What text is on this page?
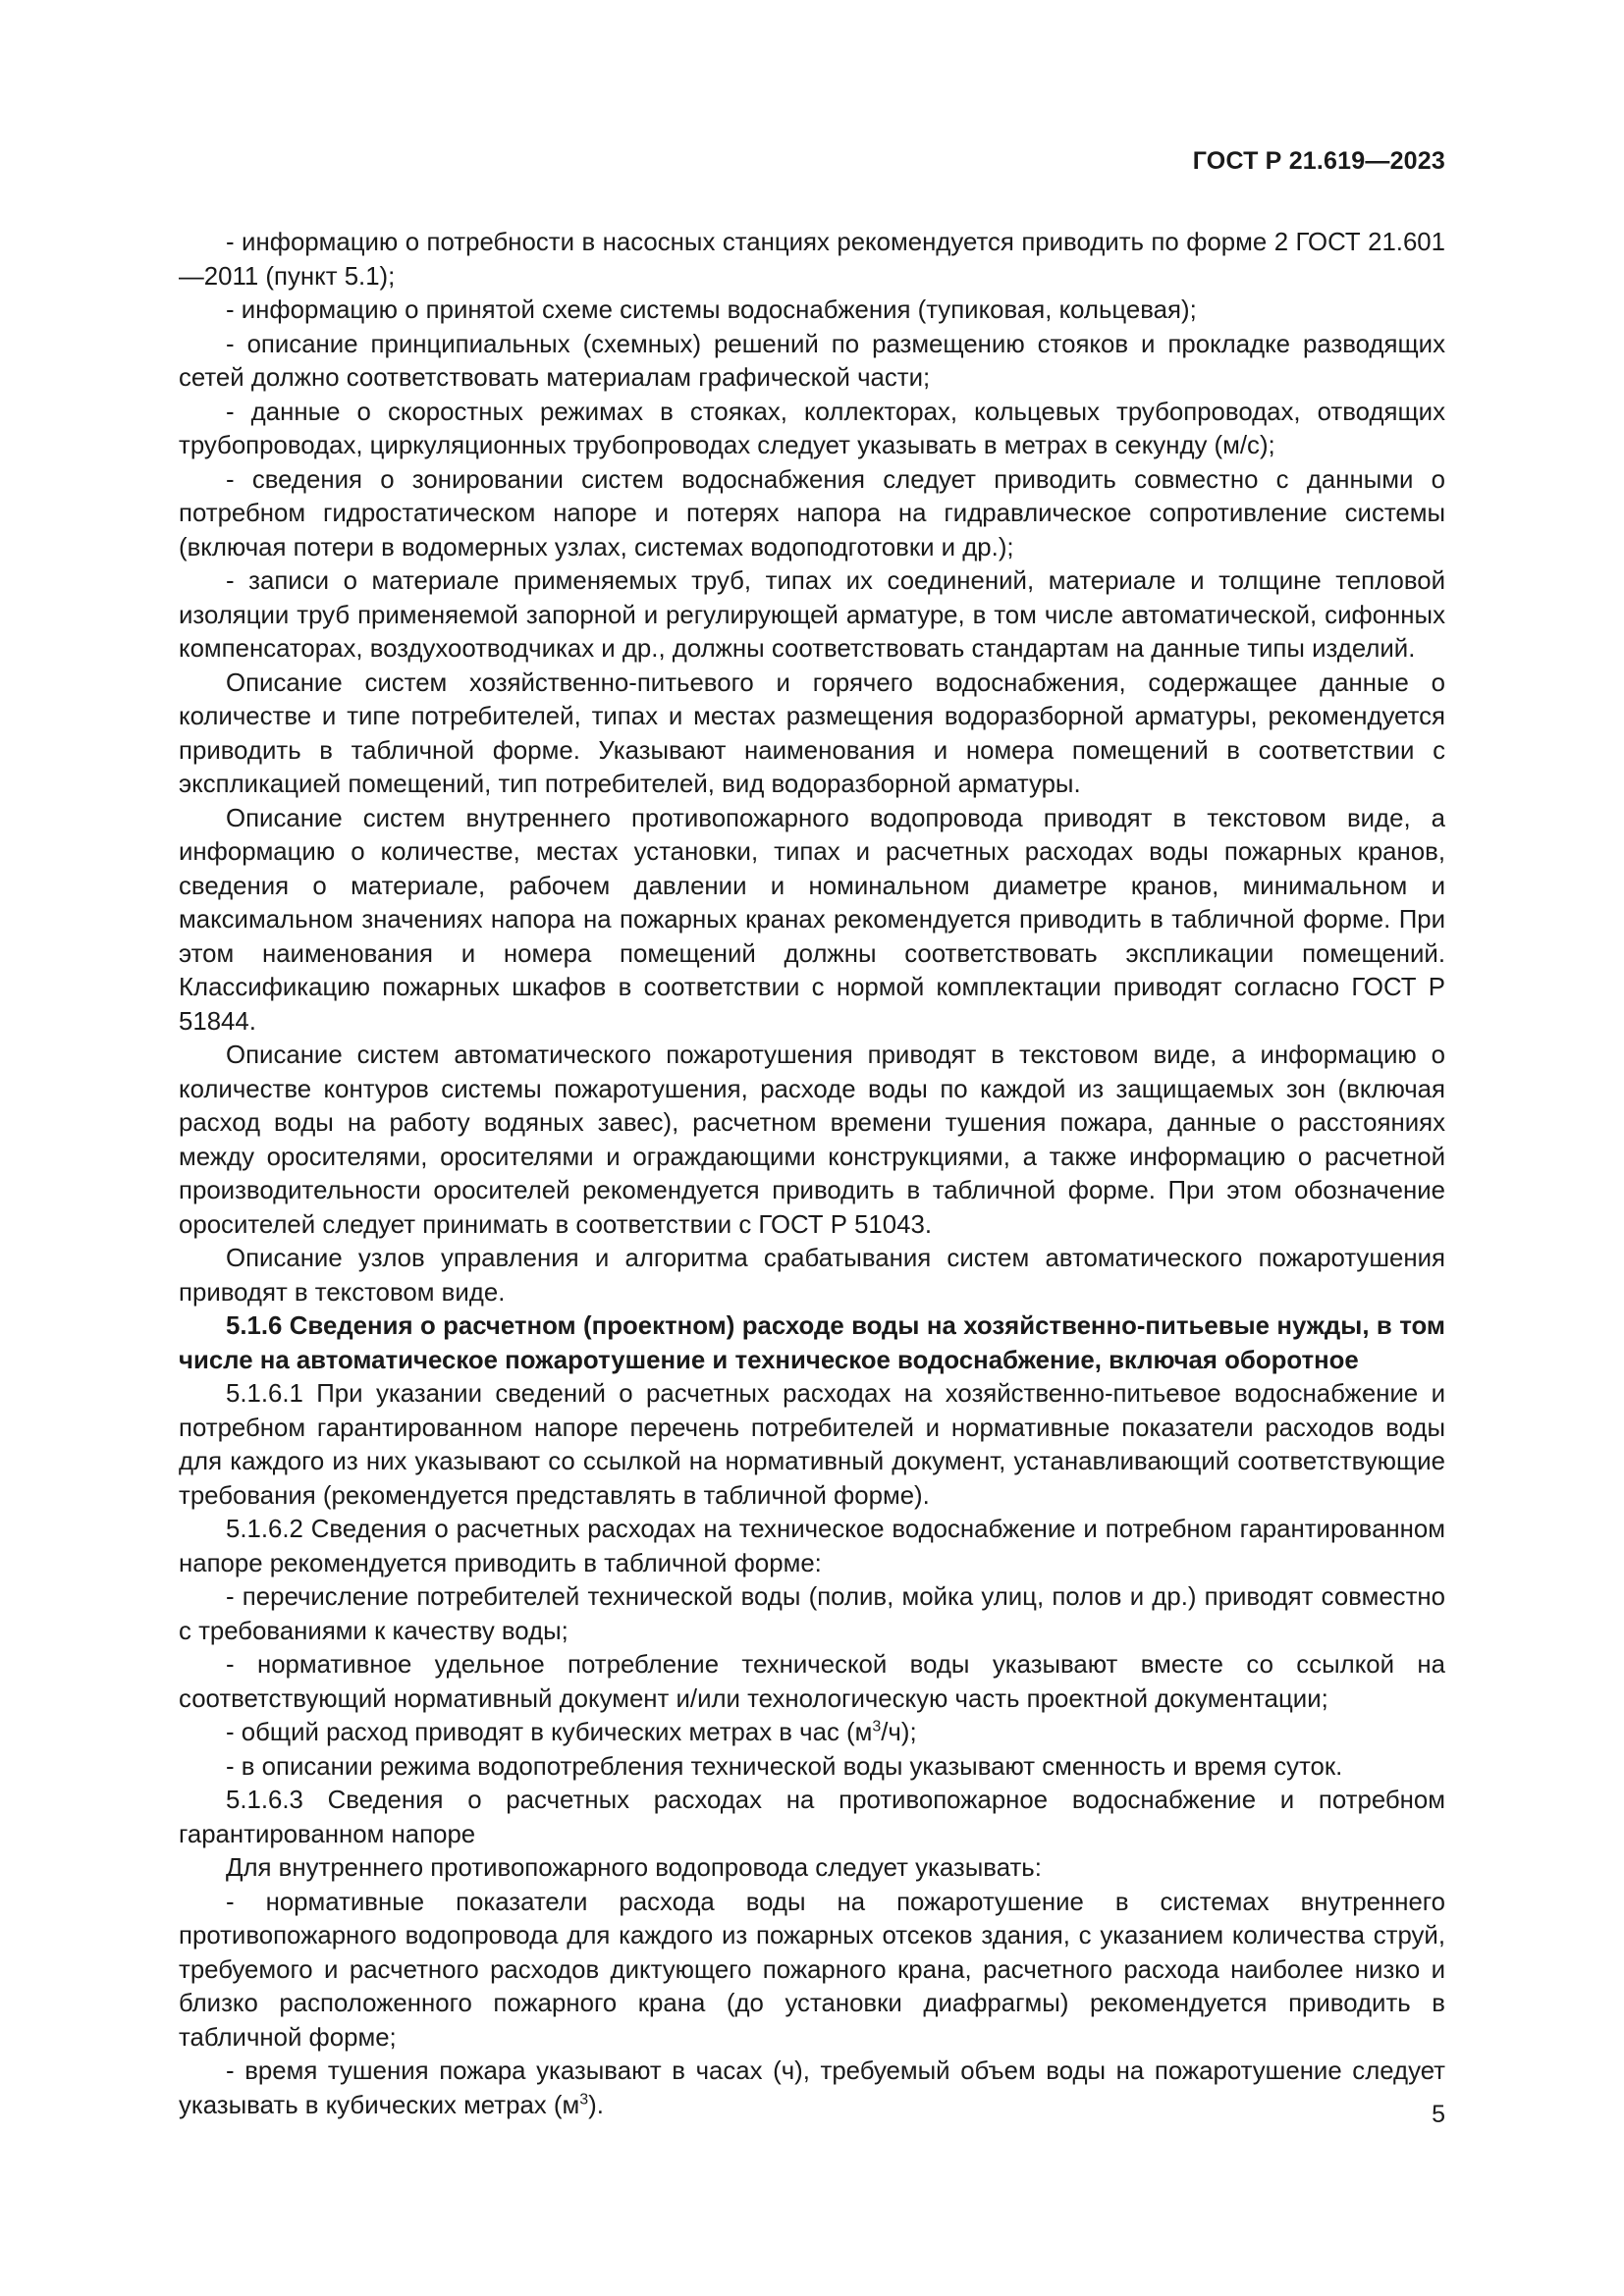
ГОСТ Р 21.619—2023

- информацию о потребности в насосных станциях рекомендуется приводить по форме 2 ГОСТ 21.601—2011 (пункт 5.1);

- информацию о принятой схеме системы водоснабжения (тупиковая, кольцевая);

- описание принципиальных (схемных) решений по размещению стояков и прокладке разводящих сетей должно соответствовать материалам графической части;

- данные о скоростных режимах в стояках, коллекторах, кольцевых трубопроводах, отводящих трубопроводах, циркуляционных трубопроводах следует указывать в метрах в секунду (м/с);

- сведения о зонировании систем водоснабжения следует приводить совместно с данными о потребном гидростатическом напоре и потерях напора на гидравлическое сопротивление системы (включая потери в водомерных узлах, системах водоподготовки и др.);

- записи о материале применяемых труб, типах их соединений, материале и толщине тепловой изоляции труб применяемой запорной и регулирующей арматуре, в том числе автоматической, сифонных компенсаторах, воздухоотводчиках и др., должны соответствовать стандартам на данные типы изделий.

Описание систем хозяйственно-питьевого и горячего водоснабжения, содержащее данные о количестве и типе потребителей, типах и местах размещения водоразборной арматуры, рекомендуется приводить в табличной форме. Указывают наименования и номера помещений в соответствии с экспликацией помещений, тип потребителей, вид водоразборной арматуры.

Описание систем внутреннего противопожарного водопровода приводят в текстовом виде, а информацию о количестве, местах установки, типах и расчетных расходах воды пожарных кранов, сведения о материале, рабочем давлении и номинальном диаметре кранов, минимальном и максимальном значениях напора на пожарных кранах рекомендуется приводить в табличной форме. При этом наименования и номера помещений должны соответствовать экспликации помещений. Классификацию пожарных шкафов в соответствии с нормой комплектации приводят согласно ГОСТ Р 51844.

Описание систем автоматического пожаротушения приводят в текстовом виде, а информацию о количестве контуров системы пожаротушения, расходе воды по каждой из защищаемых зон (включая расход воды на работу водяных завес), расчетном времени тушения пожара, данные о расстояниях между оросителями, оросителями и ограждающими конструкциями, а также информацию о расчетной производительности оросителей рекомендуется приводить в табличной форме. При этом обозначение оросителей следует принимать в соответствии с ГОСТ Р 51043.

Описание узлов управления и алгоритма срабатывания систем автоматического пожаротушения приводят в текстовом виде.

5.1.6 Сведения о расчетном (проектном) расходе воды на хозяйственно-питьевые нужды, в том числе на автоматическое пожаротушение и техническое водоснабжение, включая оборотное

5.1.6.1 При указании сведений о расчетных расходах на хозяйственно-питьевое водоснабжение и потребном гарантированном напоре перечень потребителей и нормативные показатели расходов воды для каждого из них указывают со ссылкой на нормативный документ, устанавливающий соответствующие требования (рекомендуется представлять в табличной форме).

5.1.6.2 Сведения о расчетных расходах на техническое водоснабжение и потребном гарантированном напоре рекомендуется приводить в табличной форме:

- перечисление потребителей технической воды (полив, мойка улиц, полов и др.) приводят совместно с требованиями к качеству воды;

- нормативное удельное потребление технической воды указывают вместе со ссылкой на соответствующий нормативный документ и/или технологическую часть проектной документации;

- общий расход приводят в кубических метрах в час $(м^3/ч)$;

- в описании режима водопотребления технической воды указывают сменность и время суток.

5.1.6.3 Сведения о расчетных расходах на противопожарное водоснабжение и потребном гарантированном напоре

Для внутреннего противопожарного водопровода следует указывать:

- нормативные показатели расхода воды на пожаротушение в системах внутреннего противопожарного водопровода для каждого из пожарных отсеков здания, с указанием количества струй, требуемого и расчетного расходов диктующего пожарного крана, расчетного расхода наиболее низко и близко расположенного пожарного крана (до установки диафрагмы) рекомендуется приводить в табличной форме;

- время тушения пожара указывают в часах (ч), требуемый объем воды на пожаротушение следует указывать в кубических метрах $(м^3)$.	5
